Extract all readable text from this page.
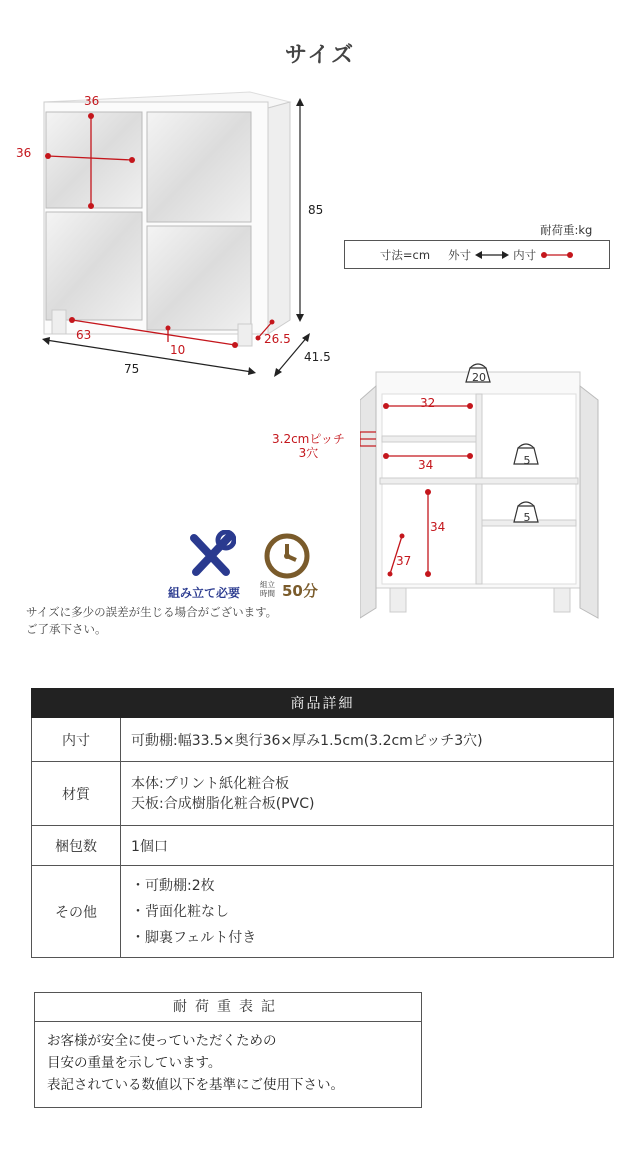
サイズ
36
36
85
63
10
26.5
75
41.5
耐荷重:kg
寸法=cm 外寸	内寸
20
5
5
32
34
34
37
3.2cmピッチ
3穴
組み立て必要
組立
時間 50分
サイズに多少の誤差が生じる場合がございます。
ご了承下さい。
商品詳細	
内寸	可動棚:幅33.5×奥行36×厚み1.5cm(3.2cmピッチ3穴)

材質	本体:プリント紙化粧合板
天板:合成樹脂化粧合板(PVC)

梱包数	1個口

その他	・可動棚:2枚
・背面化粧なし
・脚裏フェルト付き
耐荷重表記
お客様が安全に使っていただくための
目安の重量を示しています。
表記されている数値以下を基準にご使用下さい。
